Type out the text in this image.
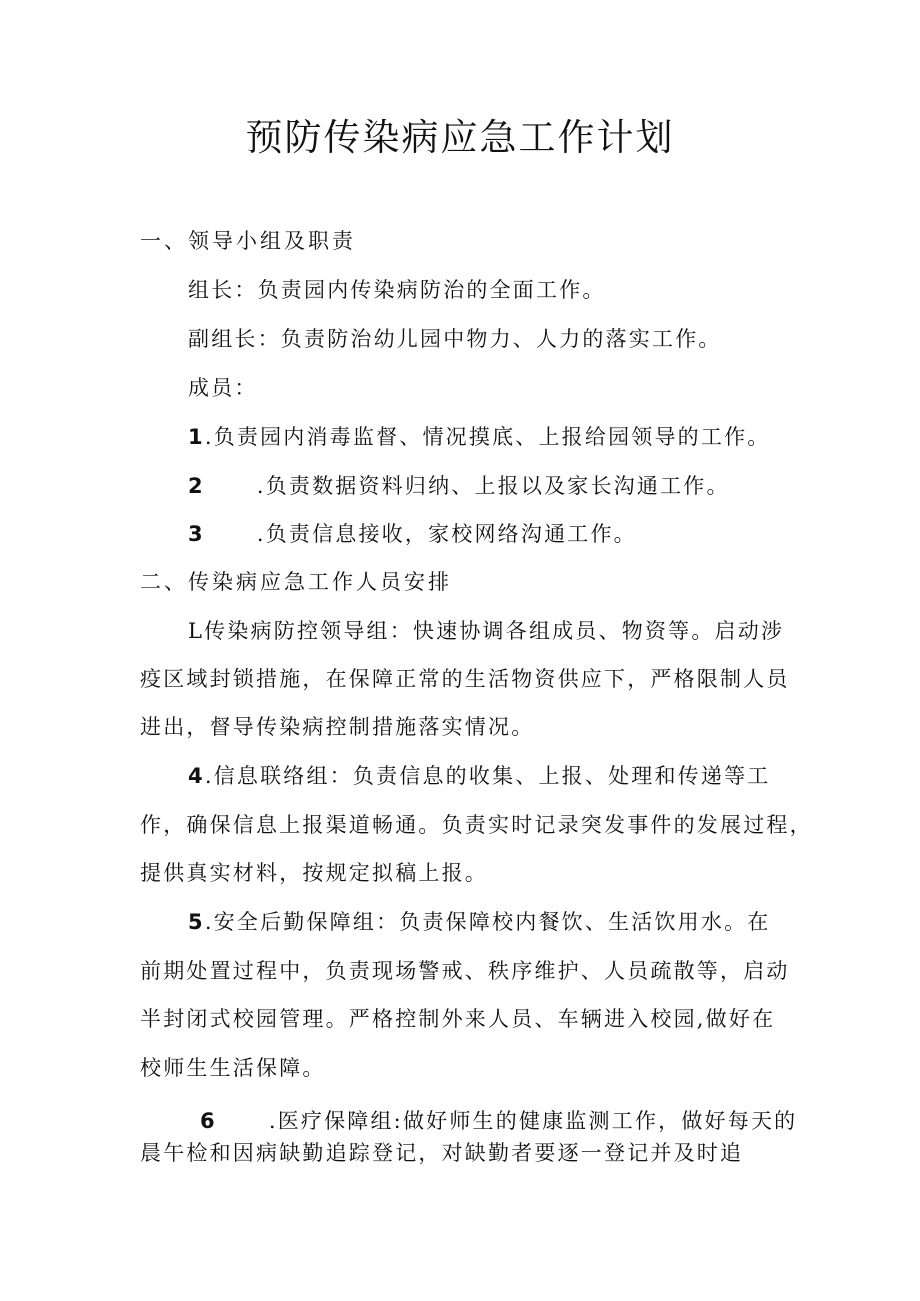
预防传染病应急工作计划
一、领导小组及职责
组长：负责园内传染病防治的全面工作。
副组长：负责防治幼儿园中物力、人力的落实工作。
成员：
1.负责园内消毒监督、情况摸底、上报给园领导的工作。
2 .负责数据资料归纳、上报以及家长沟通工作。
3 .负责信息接收，家校网络沟通工作。
二、传染病应急工作人员安排
L传染病防控领导组：快速协调各组成员、物资等。启动涉
疫区域封锁措施，在保障正常的生活物资供应下，严格限制人员
进出，督导传染病控制措施落实情况。
4.信息联络组：负责信息的收集、上报、处理和传递等工
作，确保信息上报渠道畅通。负责实时记录突发事件的发展过程，
提供真实材料，按规定拟稿上报。
5.安全后勤保障组：负责保障校内餐饮、生活饮用水。在
前期处置过程中，负责现场警戒、秩序维护、人员疏散等，启动
半封闭式校园管理。严格控制外来人员、车辆进入校园,做好在
校师生生活保障。
6 .医疗保障组:做好师生的健康监测工作，做好每天的
晨午检和因病缺勤追踪登记，对缺勤者要逐一登记并及时追
